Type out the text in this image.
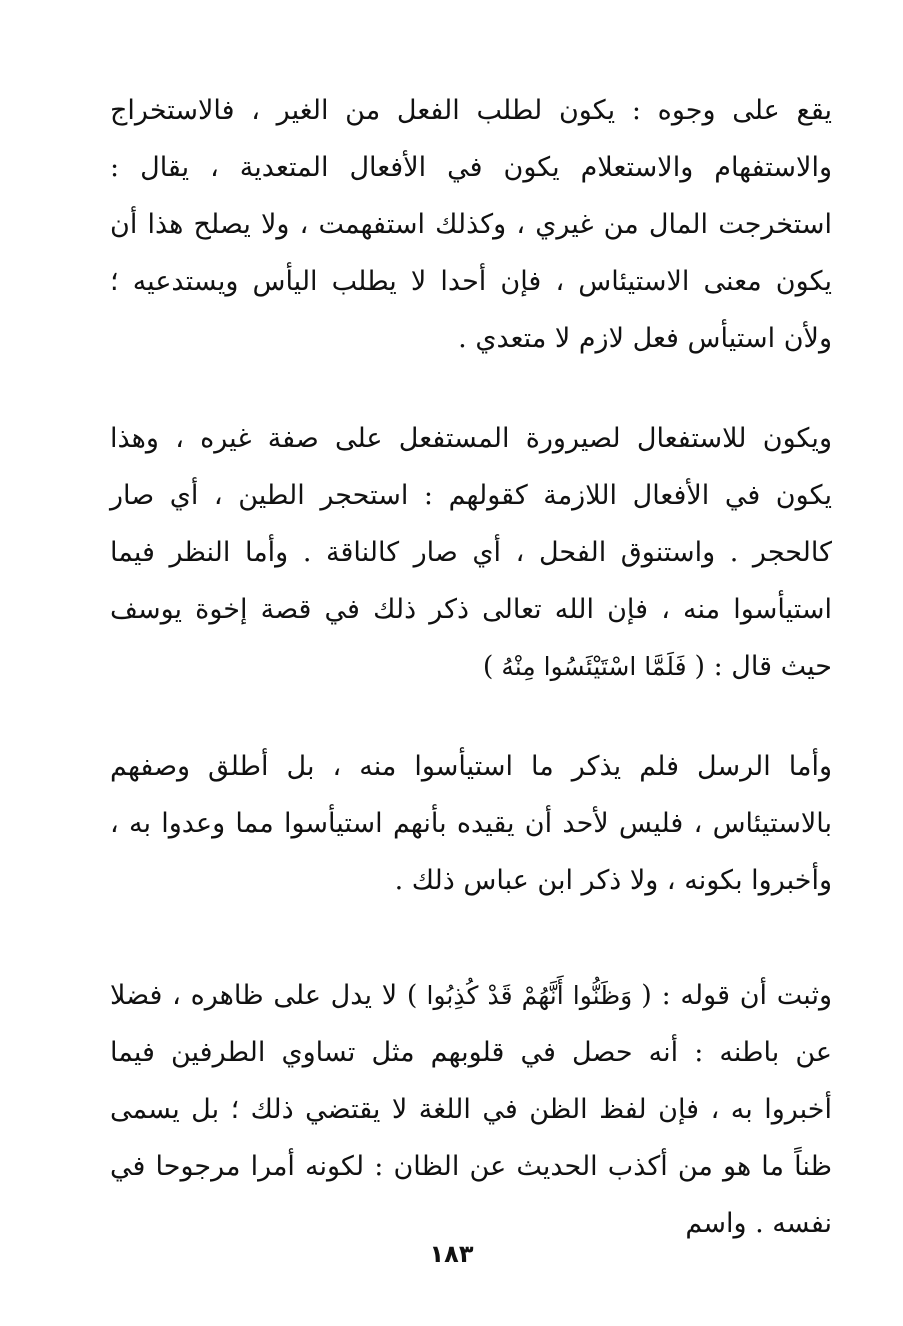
يقع على وجوه : يكون لطلب الفعل من الغير ، فالاستخراج والاستفهام والاستعلام يكون في الأفعال المتعدية ، يقال : استخرجت المال من غيري ، وكذلك استفهمت ، ولا يصلح هذا أن يكون معنى الاستيئاس ، فإن أحدا لا يطلب اليأس ويستدعيه ؛ ولأن استيأس فعل لازم لا متعدي .

ويكون للاستفعال لصيرورة المستفعل على صفة غيره ، وهذا يكون في الأفعال اللازمة كقولهم : استحجر الطين ، أي صار كالحجر . واستنوق الفحل ، أي صار كالناقة . وأما النظر فيما استيأسوا منه ، فإن الله تعالى ذكر ذلك في قصة إخوة يوسف حيث قال : ( فَلَمَّا اسْتَيْئَسُوا مِنْهُ )

وأما الرسل فلم يذكر ما استيأسوا منه ، بل أطلق وصفهم بالاستيئاس ، فليس لأحد أن يقيده بأنهم استيأسوا مما وعدوا به ، وأخبروا بكونه ، ولا ذكر ابن عباس ذلك .

وثبت أن قوله : ( وَظَنُّوا أَنَّهُمْ قَدْ كُذِبُوا ) لا يدل على ظاهره ، فضلا عن باطنه : أنه حصل في قلوبهم مثل تساوي الطرفين فيما أخبروا به ، فإن لفظ الظن في اللغة لا يقتضي ذلك ؛ بل يسمى ظناً ما هو من أكذب الحديث عن الظان : لكونه أمرا مرجوحا في نفسه . واسم

١٨٣
